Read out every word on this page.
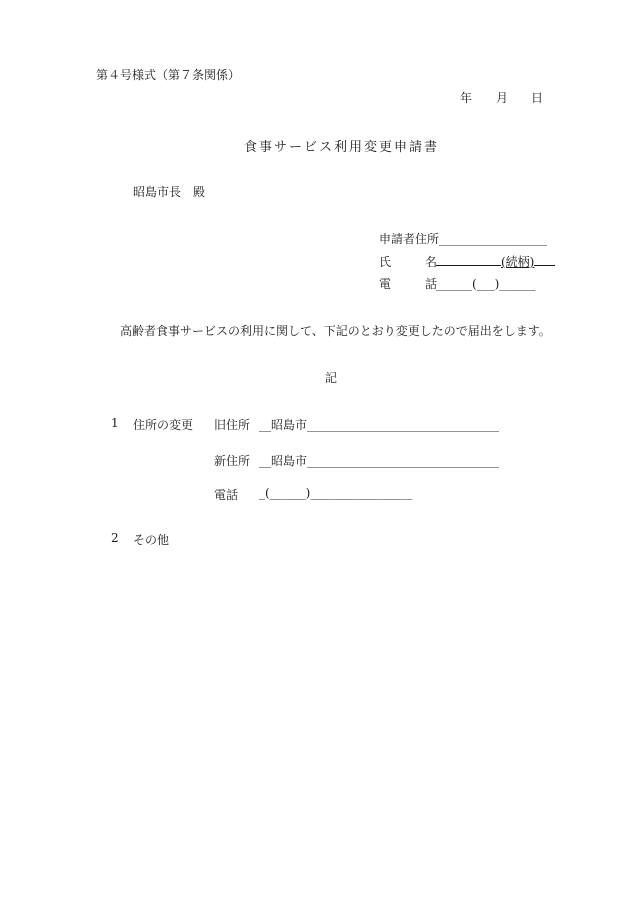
第４号様式（第７条関係）
年 月 日
食事サービス利用変更申請書
昭島市長　殿
申請者住所__________________
氏	名	(続柄)
電	話______(___)______
高齢者食事サービスの利用に関して、下記のとおり変更したので届出をします。
記
1 住所の変更 旧住所 __昭島市________________________________
新住所 __昭島市________________________________
電話 _(______)_________________
2 その他
